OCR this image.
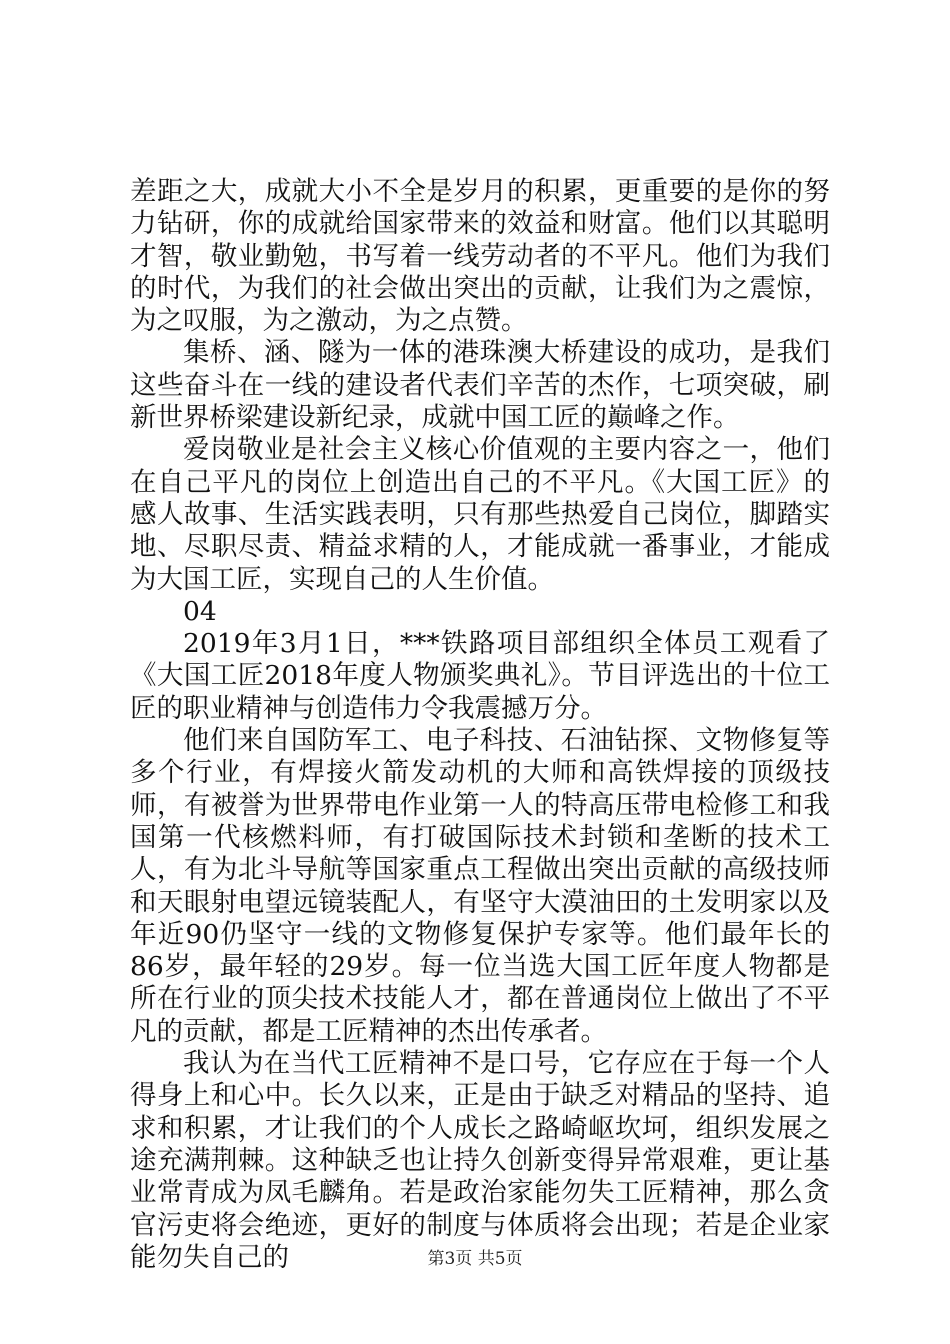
差距之大，成就大小不全是岁月的积累，更重要的是你的努力钻研，你的成就给国家带来的效益和财富。他们以其聪明才智，敬业勤勉，书写着一线劳动者的不平凡。他们为我们的时代，为我们的社会做出突出的贡献，让我们为之震惊，为之叹服，为之激动，为之点赞。

集桥、涵、隧为一体的港珠澳大桥建设的成功，是我们这些奋斗在一线的建设者代表们辛苦的杰作，七项突破，刷新世界桥梁建设新纪录，成就中国工匠的巅峰之作。

爱岗敬业是社会主义核心价值观的主要内容之一，他们在自己平凡的岗位上创造出自己的不平凡。《大国工匠》的感人故事、生活实践表明，只有那些热爱自己岗位，脚踏实地、尽职尽责、精益求精的人，才能成就一番事业，才能成为大国工匠，实现自己的人生价值。

04

2019年3月1日，***铁路项目部组织全体员工观看了《大国工匠2018年度人物颁奖典礼》。节目评选出的十位工匠的职业精神与创造伟力令我震撼万分。

他们来自国防军工、电子科技、石油钻探、文物修复等多个行业，有焊接火箭发动机的大师和高铁焊接的顶级技师，有被誉为世界带电作业第一人的特高压带电检修工和我国第一代核燃料师，有打破国际技术封锁和垄断的技术工人，有为北斗导航等国家重点工程做出突出贡献的高级技师和天眼射电望远镜装配人，有坚守大漠油田的土发明家以及年近90仍坚守一线的文物修复保护专家等。他们最年长的86岁，最年轻的29岁。每一位当选大国工匠年度人物都是所在行业的顶尖技术技能人才，都在普通岗位上做出了不平凡的贡献，都是工匠精神的杰出传承者。

我认为在当代工匠精神不是口号，它存应在于每一个人得身上和心中。长久以来，正是由于缺乏对精品的坚持、追求和积累，才让我们的个人成长之路崎岖坎坷，组织发展之途充满荆棘。这种缺乏也让持久创新变得异常艰难，更让基业常青成为凤毛麟角。若是政治家能勿失工匠精神，那么贪官污吏将会绝迹，更好的制度与体质将会出现；若是企业家能勿失自己的	第3页 共5页
